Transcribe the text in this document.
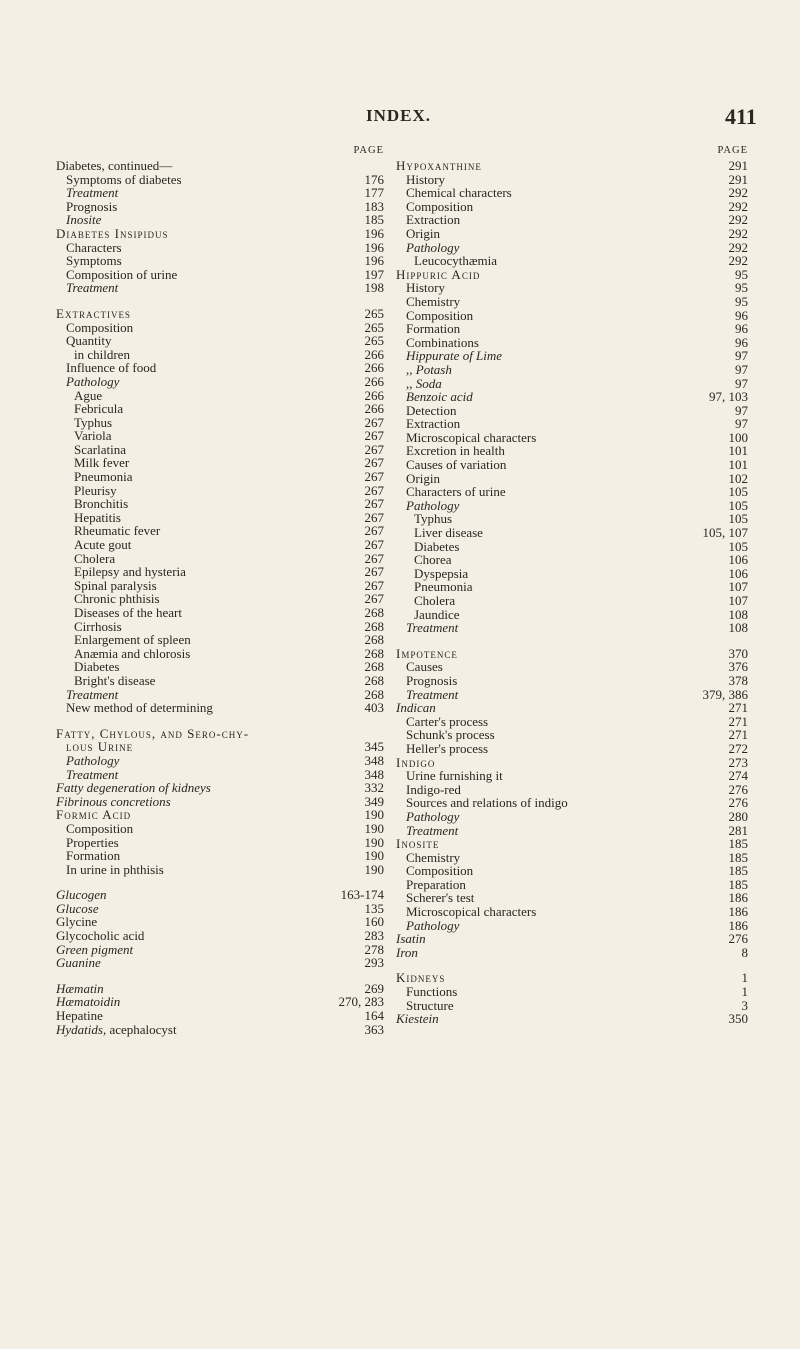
INDEX.	411
PAGE
Diabetes, continued—
Symptoms of diabetes	176
Treatment	177
Prognosis	183
Inosite	185
Diabetes Insipidus	196
Characters	196
Symptoms	196
Composition of urine	197
Treatment	198
Extractives	265
Composition	265
Quantity	265
in children	266
Influence of food	266
Pathology	266
Ague	266
Febricula	266
Typhus	267
Variola	267
Scarlatina	267
Milk fever	267
Pneumonia	267
Pleurisy	267
Bronchitis	267
Hepatitis	267
Rheumatic fever	267
Acute gout	267
Cholera	267
Epilepsy and hysteria	267
Spinal paralysis	267
Chronic phthisis	267
Diseases of the heart	268
Cirrhosis	268
Enlargement of spleen	268
Anæmia and chlorosis	268
Diabetes	268
Bright's disease	268
Treatment	268
New method of determining	403
Fatty, Chylous, and Sero-chy-
lous Urine	345
Pathology	348
Treatment	348
Fatty degeneration of kidneys	332
Fibrinous concretions	349
Formic Acid	190
Composition	190
Properties	190
Formation	190
In urine in phthisis	190
Glucogen	163-174
Glucose	135
Glycine	160
Glycocholic acid	283
Green pigment	278
Guanine	293
Hæmatin	269
Hæmatoidin	270, 283
Hepatine	164
Hydatids, acephalocyst	363
PAGE
Hypoxanthine	291
History	291
Chemical characters	292
Composition	292
Extraction	292
Origin	292
Pathology	292
Leucocythæmia	292
Hippuric Acid	95
History	95
Chemistry	95
Composition	96
Formation	96
Combinations	96
Hippurate of Lime	97
,, Potash	97
,, Soda	97
Benzoic acid	97, 103
Detection	97
Extraction	97
Microscopical characters	100
Excretion in health	101
Causes of variation	101
Origin	102
Characters of urine	105
Pathology	105
Typhus	105
Liver disease	105, 107
Diabetes	105
Chorea	106
Dyspepsia	106
Pneumonia	107
Cholera	107
Jaundice	108
Treatment	108
Impotence	370
Causes	376
Prognosis	378
Treatment	379, 386
Indican	271
Carter's process	271
Schunk's process	271
Heller's process	272
Indigo	273
Urine furnishing it	274
Indigo-red	276
Sources and relations of indigo	276
Pathology	280
Treatment	281
Inosite	185
Chemistry	185
Composition	185
Preparation	185
Scherer's test	186
Microscopical characters	186
Pathology	186
Isatin	276
Iron	8
Kidneys	1
Functions	1
Structure	3
Kiestein	350
